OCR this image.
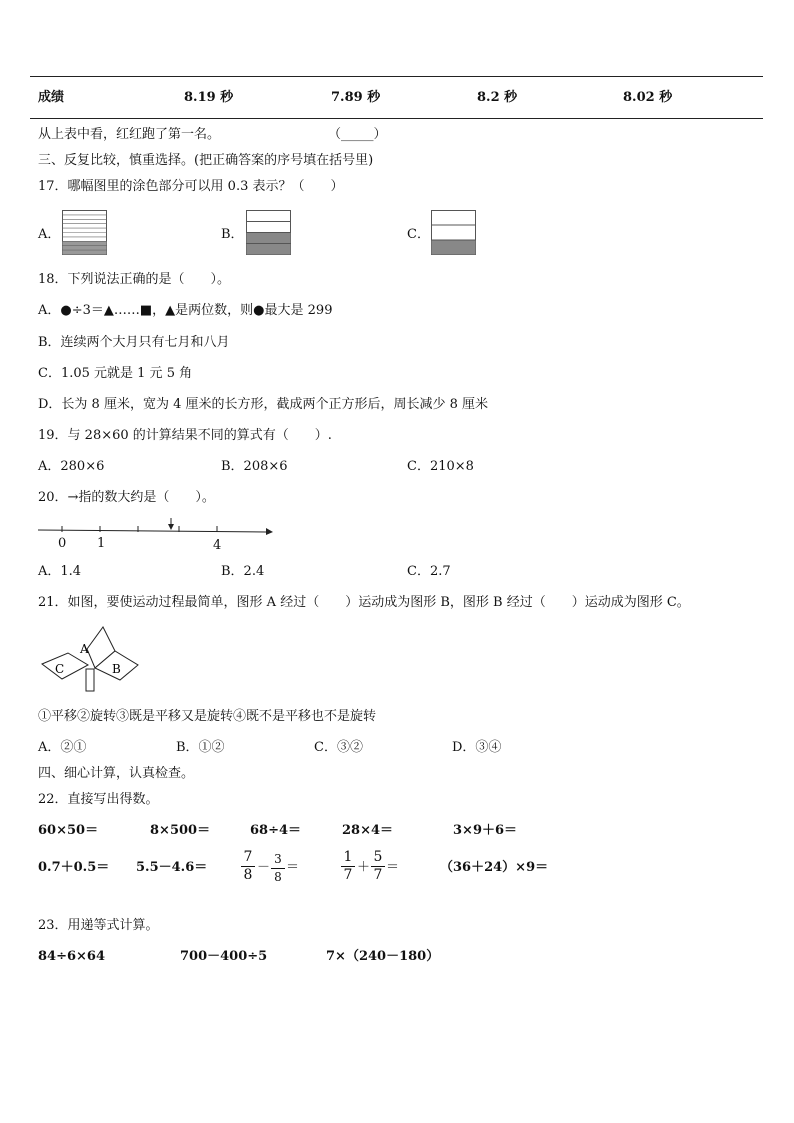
成绩	8.19 秒	7.89 秒	8.2 秒	8.02 秒
从上表中看，红红跑了第一名。	（_____）
三、反复比较，慎重选择。(把正确答案的序号填在括号里)
17．哪幅图里的涂色部分可以用 0.3 表示？（　　）
A．	B．	C．
18．下列说法正确的是（　　）。
A．●÷3＝▲……■，▲是两位数，则●最大是 299
B．连续两个大月只有七月和八月
C．1.05 元就是 1 元 5 角
D．长为 8 厘米，宽为 4 厘米的长方形，截成两个正方形后，周长减少 8 厘米
19．与 28×60 的计算结果不同的算式有（　　）.
A．280×6	B．208×6	C．210×8
20．→指的数大约是（　　）。
0 1	4
A．1.4	B．2.4	C．2.7
21．如图，要使运动过程最简单，图形 A 经过（　　）运动成为图形 B，图形 B 经过（　　）运动成为图形 C。
A
B
C
①平移②旋转③既是平移又是旋转④既不是平移也不是旋转
A．②①	B．①②	C．③②	D．③④
四、细心计算，认真检查。
22．直接写出得数。
60×50＝	8×500＝	68÷4＝	28×4＝	3×9＋6＝
0.7＋0.5＝ 5.5－4.6＝
7
8 －
3
8
＝
1
7 ＋
5
7 ＝	（36＋24）×9＝
23．用递等式计算。
84÷6×64	700－400÷5	7×（240－180）
